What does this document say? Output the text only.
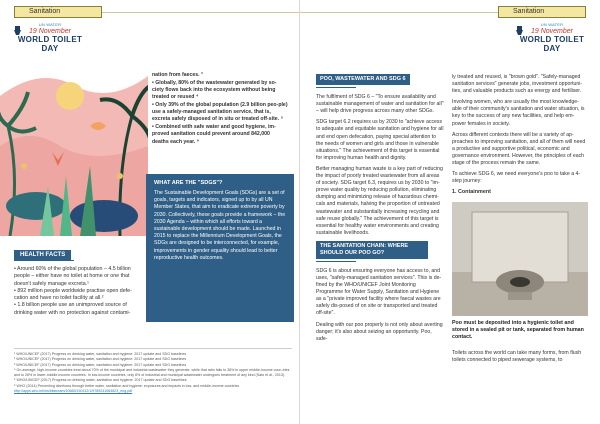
Sanitation
UN WATER
19 November
WORLD TOILET DAY

nation from faeces. ³

• Globally, 80% of the wastewater generated by so-ciety flows back into the ecosystem without being treated or reused ⁴

• Only 39% of the global population (2.9 billion peo-ple) use a safely-managed sanitation service, that is, excreta safely disposed of in situ or treated off-site. ⁵

• Combined with safe water and good hygiene, im-proved sanitation could prevent around 842,000 deaths each year. ⁶

WHAT ARE THE "SDGS"?
The Sustainable Development Goals (SDGs) are a set of goals, targets and indicators, signed up to by all UN Member States, that aim to eradicate extreme poverty by 2030. Collectively, these goals provide a framework – the 2030 Agenda – within which all efforts toward a sustainable development should be made. Launched in 2015 to replace the Millennium Development Goals, the SDGs are designed to be interconnected, for example, improvements in gender equality should lead to better reproductive health outcomes.
HEALTH FACTS
• Around 60% of the global population – 4.5 billion people – either have no toilet at home or one that doesn't safely manage excreta.¹
• 892 million people worldwide practise open defe-cation and have no toilet facility at all.²
• 1.8 billion people use an unimproved source of drinking water with no protection against contami-
¹ WHO/UNICEF (2017) Progress on drinking water, sanitation and hygiene: 2017 update and SDG baselines
² WHO/UNICEF (2017) Progress on drinking water, sanitation and hygiene: 2017 update and SDG baselines
³ WHO/UNICEF (2017) Progress on drinking water, sanitation and hygiene: 2017 update and SDG baselines
⁴ On average, high-income countries treat about 70% of the municipal and industrial wastewater they generate, while that ratio falls to 38% in upper middle-income coun-tries and to 28% in lower-middle-income countries. In low-income countries, only 8% of industrial and municipal wastewater undergoes treatment of any kind (Sato et al., 2013).
⁵ WHO/UNICEF (2017) Progress on drinking water, sanitation and hygiene: 2017 update and SDG baselines
⁶ WHO (2014) Preventing diarrhoea through better water, sanitation and hygiene: exposures and impacts in low- and middle-income countries
http://apps.who.int/iris/bitstream/10665/150112/1/9789241564823_eng.pdf
Sanitation
UN WATER
19 November
WORLD TOILET DAY
POO, WASTEWATER AND SDG 6

The fulfilment of SDG 6 – "To ensure availability and sustainable management of water and sanitation for all" – will help drive progress across many other SDGs.

SDG target 6.2 requires us by 2030 to "achieve access to adequate and equitable sanitation and hygiene for all and end open defecation, paying special attention to the needs of women and girls and those in vulnerable situations." The achievement of this target is essential for improving human health and dignity.

Better managing human waste is a key part of reducing the impact of poorly treated wastewater from all areas of society. SDG target 6.3, requires us by 2030 to "im-prove water quality by reducing pollution, eliminating dumping and minimizing release of hazardous chemi-cals and materials, halving the proportion of untreated wastewater and substantially increasing recycling and safe reuse globally." The achievement of this target is essential for healthy water environments and creating sustainable livelihoods.

THE SANITATION CHAIN: WHERE SHOULD OUR POO GO?

SDG 6 is about ensuring everyone has access to, and uses, "safely-managed sanitation services". This is de-fined by the WHO/UNICEF Joint Monitoring Programme for Water Supply, Sanitation and Hygiene as a "private improved facility where faecal wastes are safely dis-posed of on site or transported and treated off-site".

Dealing with our poo properly is not only about averting danger; it's also about seizing an opportunity. Poo, safe-

ly treated and reused, is "brown gold". "Safely-managed sanitation services" generate jobs, investment opportuni-ties, and valuable products such as energy and fertiliser.

Involving women, who are usually the most knowledge-able of their community's sanitation and water situation, is key to the success of any new facilities, and help em-power females in society.

Across different contexts there will be a variety of ap-proaches to improving sanitation, and all of them will need a productive and supportive political, economic and governance environment. However, the principles of each stage of the process remain the same.

To achieve SDG 6, we need everyone's poo to take a 4-step journey:

1. Containment
Poo must be deposited into a hygienic toilet and stored in a sealed pit or tank, separated from human contact.

Toilets across the world can take many forms, from flush toilets connected to piped sewerage systems, to
